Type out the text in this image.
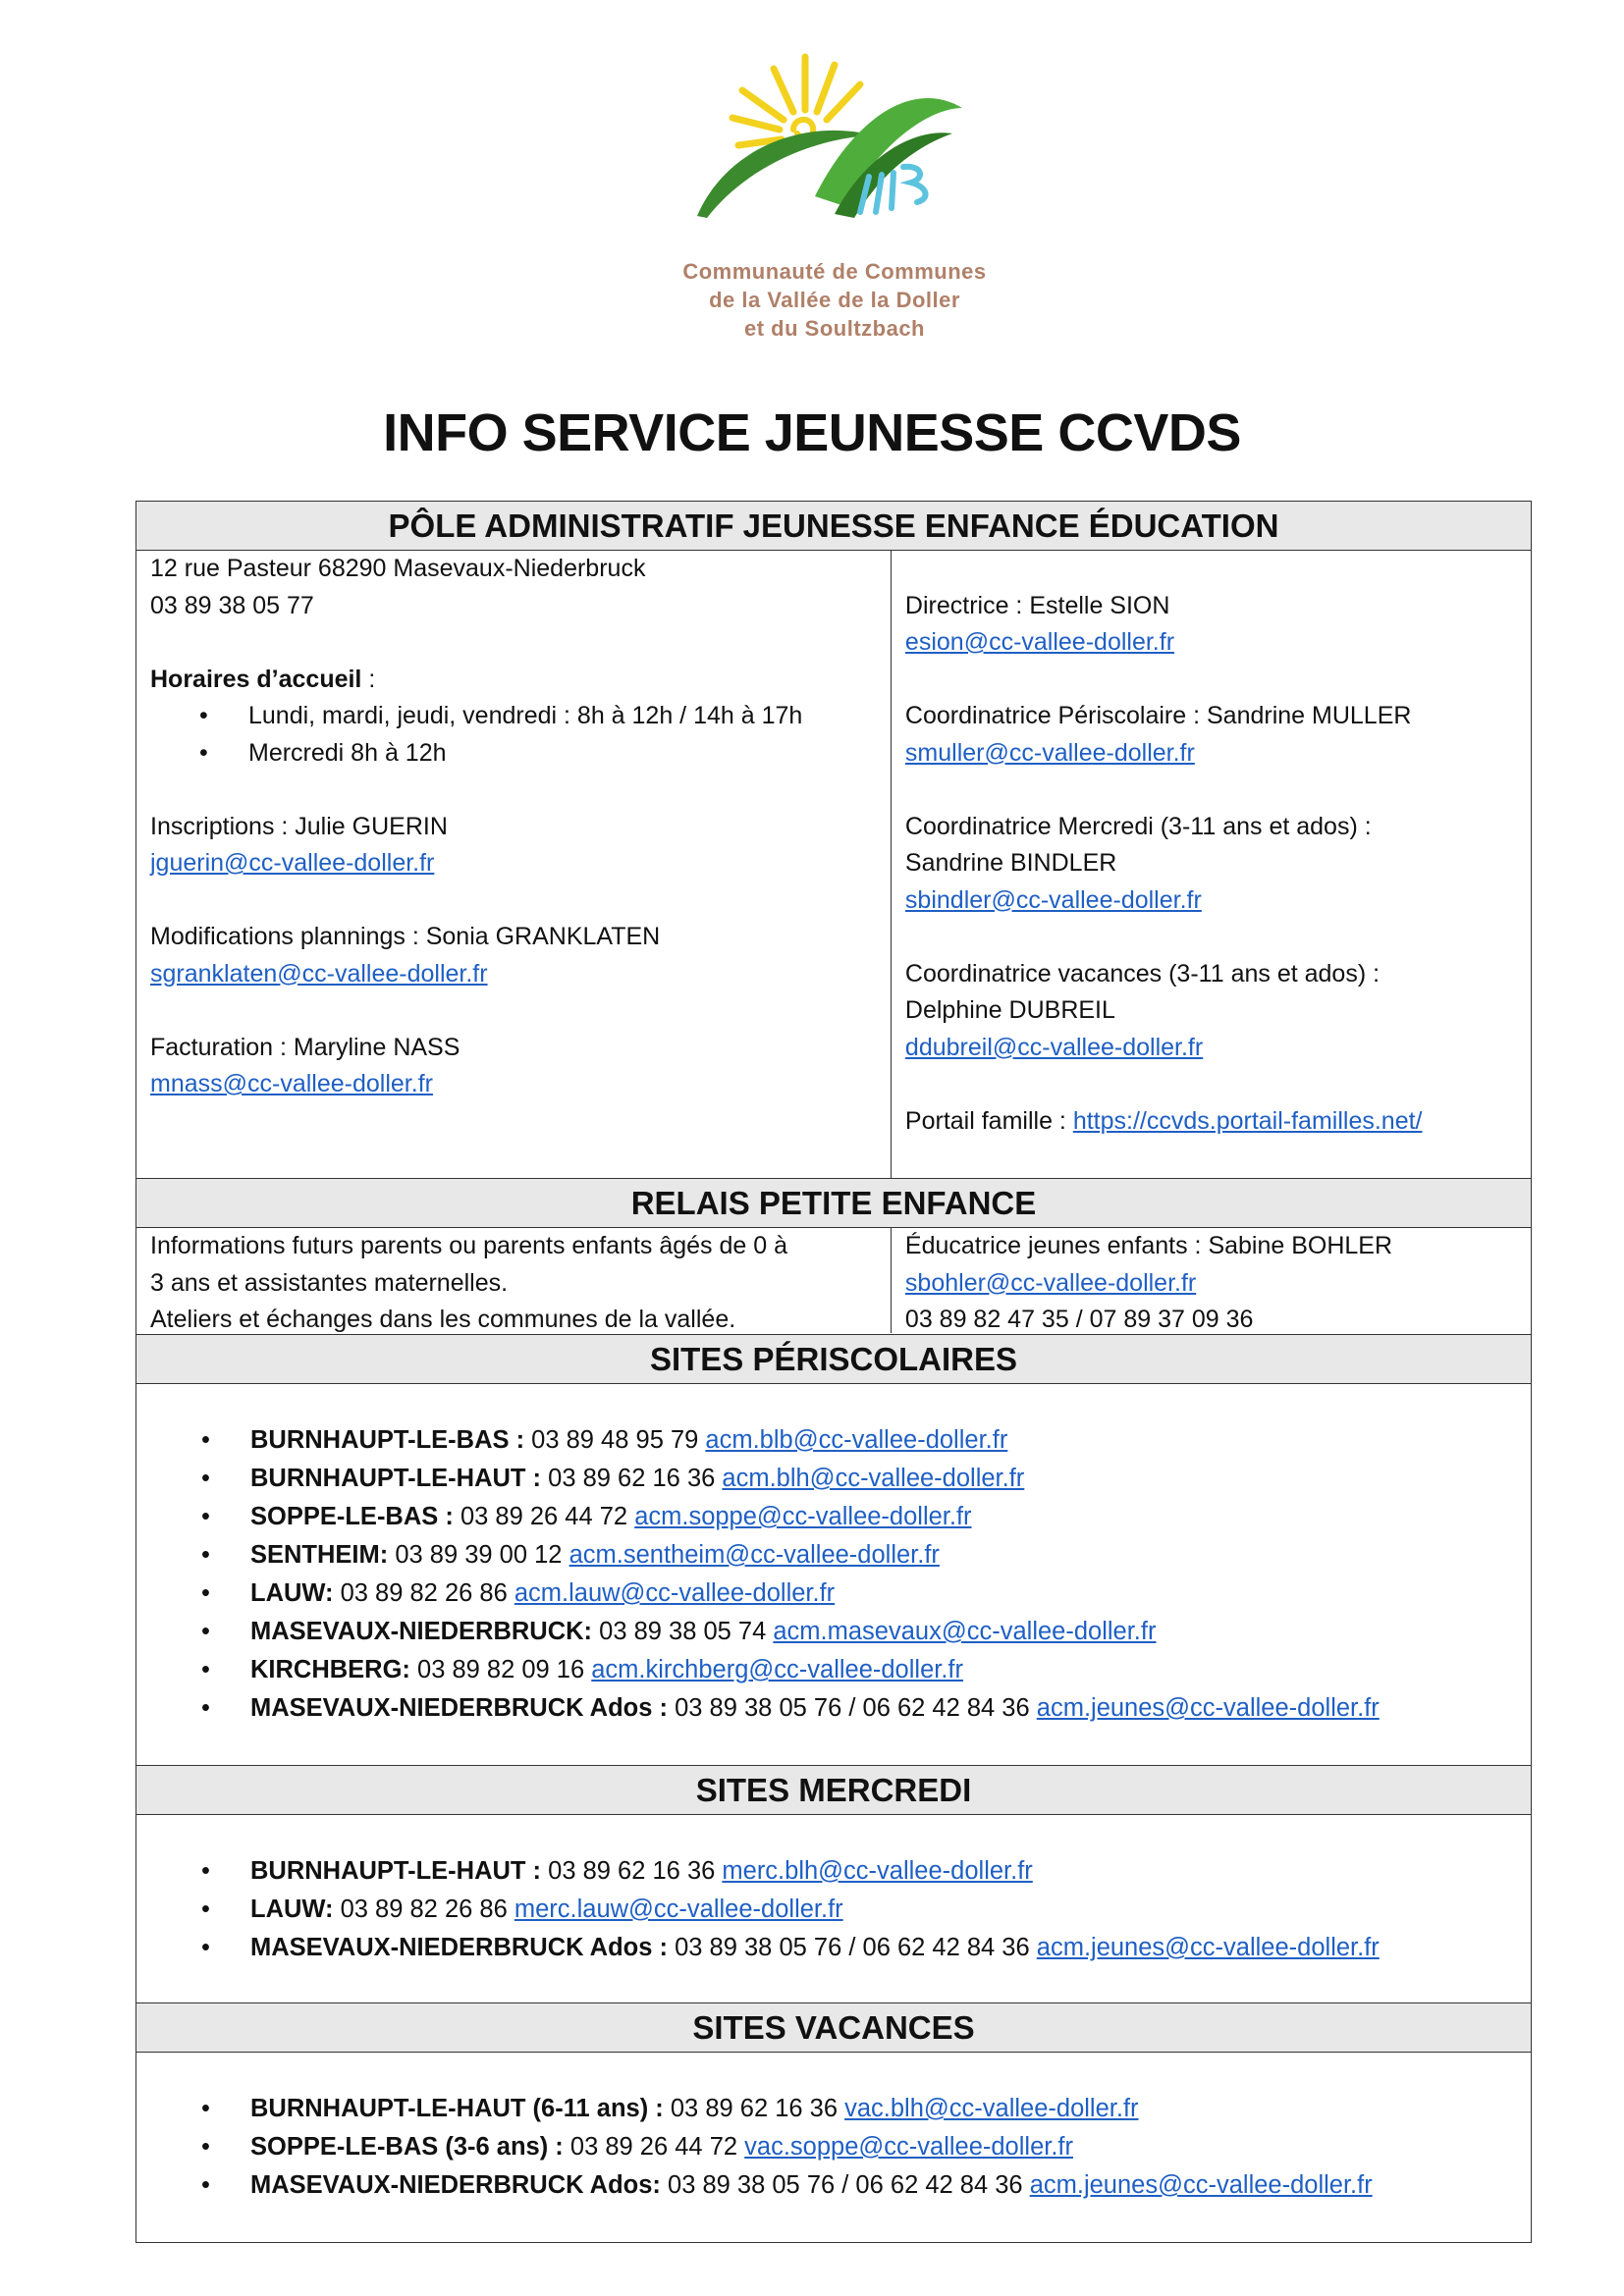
Communauté de Communes
de la Vallée de la Doller
et du Soultzbach
INFO SERVICE JEUNESSE CCVDS
PÔLE ADMINISTRATIF JEUNESSE ENFANCE ÉDUCATION
12 rue Pasteur 68290 Masevaux-Niederbruck
03 89 38 05 77
Horaires d’accueil :
• Lundi, mardi, jeudi, vendredi : 8h à 12h / 14h à 17h
• Mercredi 8h à 12h
Inscriptions : Julie GUERIN
jguerin@cc-vallee-doller.fr
Modifications plannings : Sonia GRANKLATEN
sgranklaten@cc-vallee-doller.fr
Facturation : Maryline NASS
mnass@cc-vallee-doller.fr
Directrice : Estelle SION
esion@cc-vallee-doller.fr
Coordinatrice Périscolaire : Sandrine MULLER
smuller@cc-vallee-doller.fr
Coordinatrice Mercredi (3-11 ans et ados) :
Sandrine BINDLER
sbindler@cc-vallee-doller.fr
Coordinatrice vacances (3-11 ans et ados) :
Delphine DUBREIL
ddubreil@cc-vallee-doller.fr
Portail famille : https://ccvds.portail-familles.net/
RELAIS PETITE ENFANCE
Informations futurs parents ou parents enfants âgés de 0 à
3 ans et assistantes maternelles.
Ateliers et échanges dans les communes de la vallée.
Éducatrice jeunes enfants : Sabine BOHLER
sbohler@cc-vallee-doller.fr
03 89 82 47 35 / 07 89 37 09 36
SITES PÉRISCOLAIRES
• BURNHAUPT-LE-BAS : 03 89 48 95 79 acm.blb@cc-vallee-doller.fr
• BURNHAUPT-LE-HAUT : 03 89 62 16 36 acm.blh@cc-vallee-doller.fr
• SOPPE-LE-BAS : 03 89 26 44 72 acm.soppe@cc-vallee-doller.fr
• SENTHEIM: 03 89 39 00 12 acm.sentheim@cc-vallee-doller.fr
• LAUW: 03 89 82 26 86 acm.lauw@cc-vallee-doller.fr
• MASEVAUX-NIEDERBRUCK: 03 89 38 05 74 acm.masevaux@cc-vallee-doller.fr
• KIRCHBERG: 03 89 82 09 16 acm.kirchberg@cc-vallee-doller.fr
• MASEVAUX-NIEDERBRUCK Ados : 03 89 38 05 76 / 06 62 42 84 36 acm.jeunes@cc-vallee-doller.fr
SITES MERCREDI
• BURNHAUPT-LE-HAUT : 03 89 62 16 36 merc.blh@cc-vallee-doller.fr
• LAUW: 03 89 82 26 86 merc.lauw@cc-vallee-doller.fr
• MASEVAUX-NIEDERBRUCK Ados : 03 89 38 05 76 / 06 62 42 84 36 acm.jeunes@cc-vallee-doller.fr
SITES VACANCES
• BURNHAUPT-LE-HAUT (6-11 ans) : 03 89 62 16 36 vac.blh@cc-vallee-doller.fr
• SOPPE-LE-BAS (3-6 ans) : 03 89 26 44 72 vac.soppe@cc-vallee-doller.fr
• MASEVAUX-NIEDERBRUCK Ados: 03 89 38 05 76 / 06 62 42 84 36 acm.jeunes@cc-vallee-doller.fr
